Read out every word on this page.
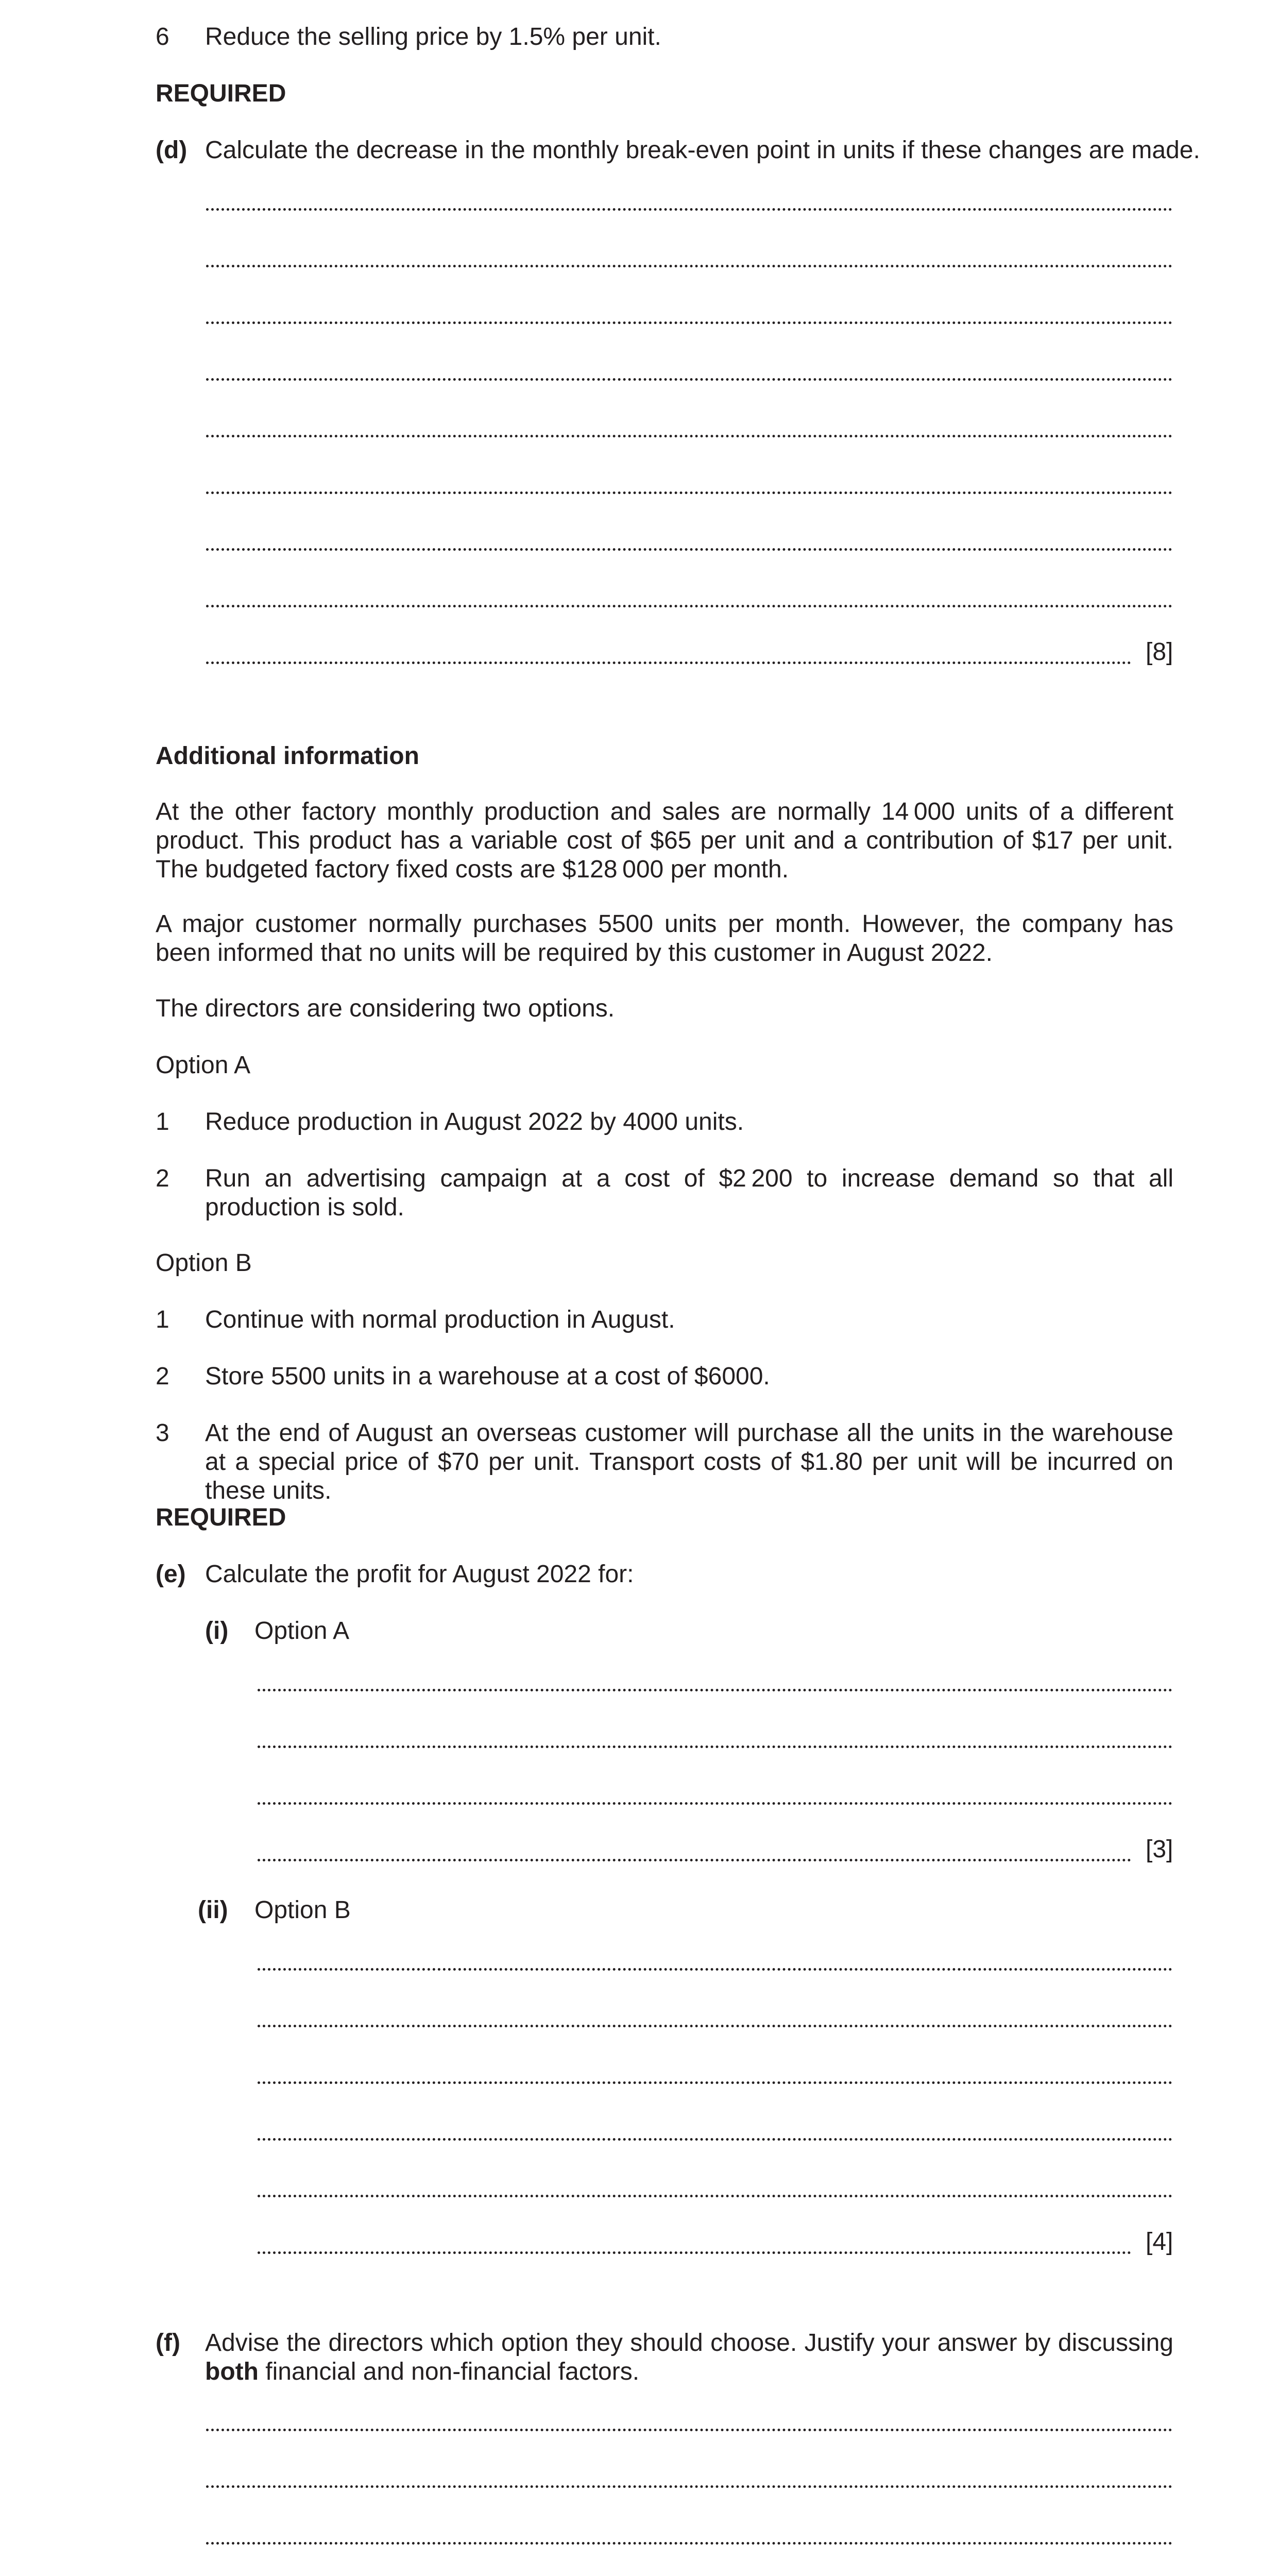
6 Reduce the selling price by 1.5% per unit.
REQUIRED
(d) Calculate the decrease in the monthly break-even point in units if these changes are made.
[8]
Additional information
At the other factory monthly production and sales are normally 14 000 units of a different product. This product has a variable cost of $65 per unit and a contribution of $17 per unit. The budgeted factory fixed costs are $128 000 per month.
A major customer normally purchases 5500 units per month. However, the company has been informed that no units will be required by this customer in August 2022.
The directors are considering two options.
Option A
1 Reduce production in August 2022 by 4000 units.
2 Run an advertising campaign at a cost of $2 200 to increase demand so that all production is sold.
Option B
1 Continue with normal production in August.
2 Store 5500 units in a warehouse at a cost of $6000.
3 At the end of August an overseas customer will purchase all the units in the warehouse at a special price of $70 per unit. Transport costs of $1.80 per unit will be incurred on these units.
REQUIRED
(e) Calculate the profit for August 2022 for:
(i) Option A
[3]
(ii) Option B
[4]
(f) Advise the directors which option they should choose. Justify your answer by discussing both financial and non-financial factors.
